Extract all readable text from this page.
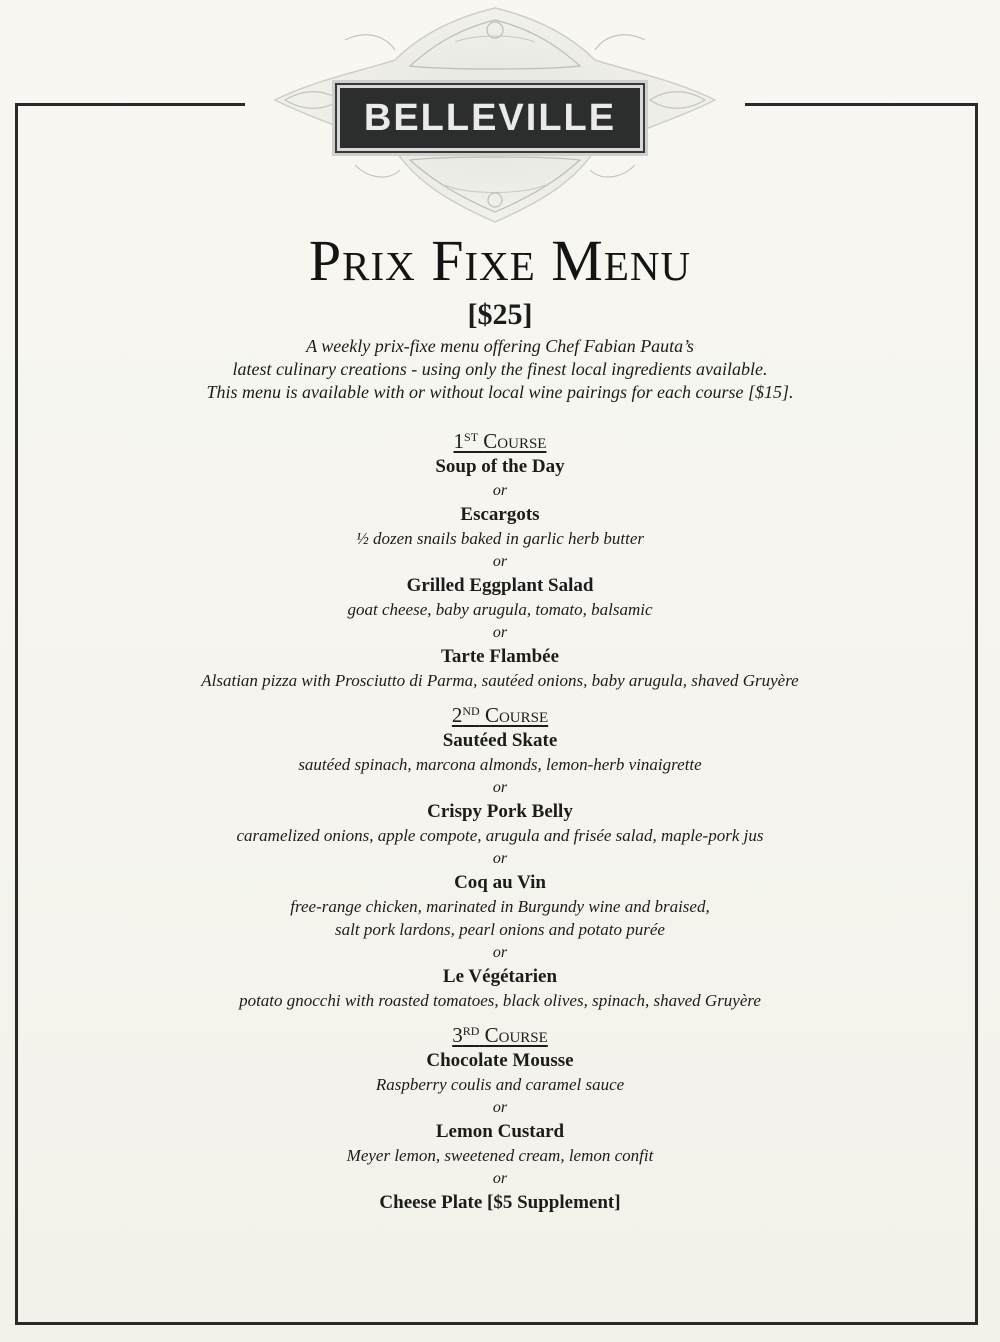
BELLEVILLE
Prix Fixe Menu
[$25]
A weekly prix-fixe menu offering Chef Fabian Pauta’s
latest culinary creations - using only the finest local ingredients available.
This menu is available with or without local wine pairings for each course [$15].
1ST Course
Soup of the Day
or
Escargots
½ dozen snails baked in garlic herb butter
or
Grilled Eggplant Salad
goat cheese, baby arugula, tomato, balsamic
or
Tarte Flambée
Alsatian pizza with Prosciutto di Parma, sautéed onions, baby arugula, shaved Gruyère
2ND Course
Sautéed Skate
sautéed spinach, marcona almonds, lemon-herb vinaigrette
or
Crispy Pork Belly
caramelized onions, apple compote, arugula and frisée salad, maple-pork jus
or
Coq au Vin
free-range chicken, marinated in Burgundy wine and braised,
salt pork lardons, pearl onions and potato purée
or
Le Végétarien
potato gnocchi with roasted tomatoes, black olives, spinach, shaved Gruyère
3RD Course
Chocolate Mousse
Raspberry coulis and caramel sauce
or
Lemon Custard
Meyer lemon, sweetened cream, lemon confit
or
Cheese Plate [$5 Supplement]
